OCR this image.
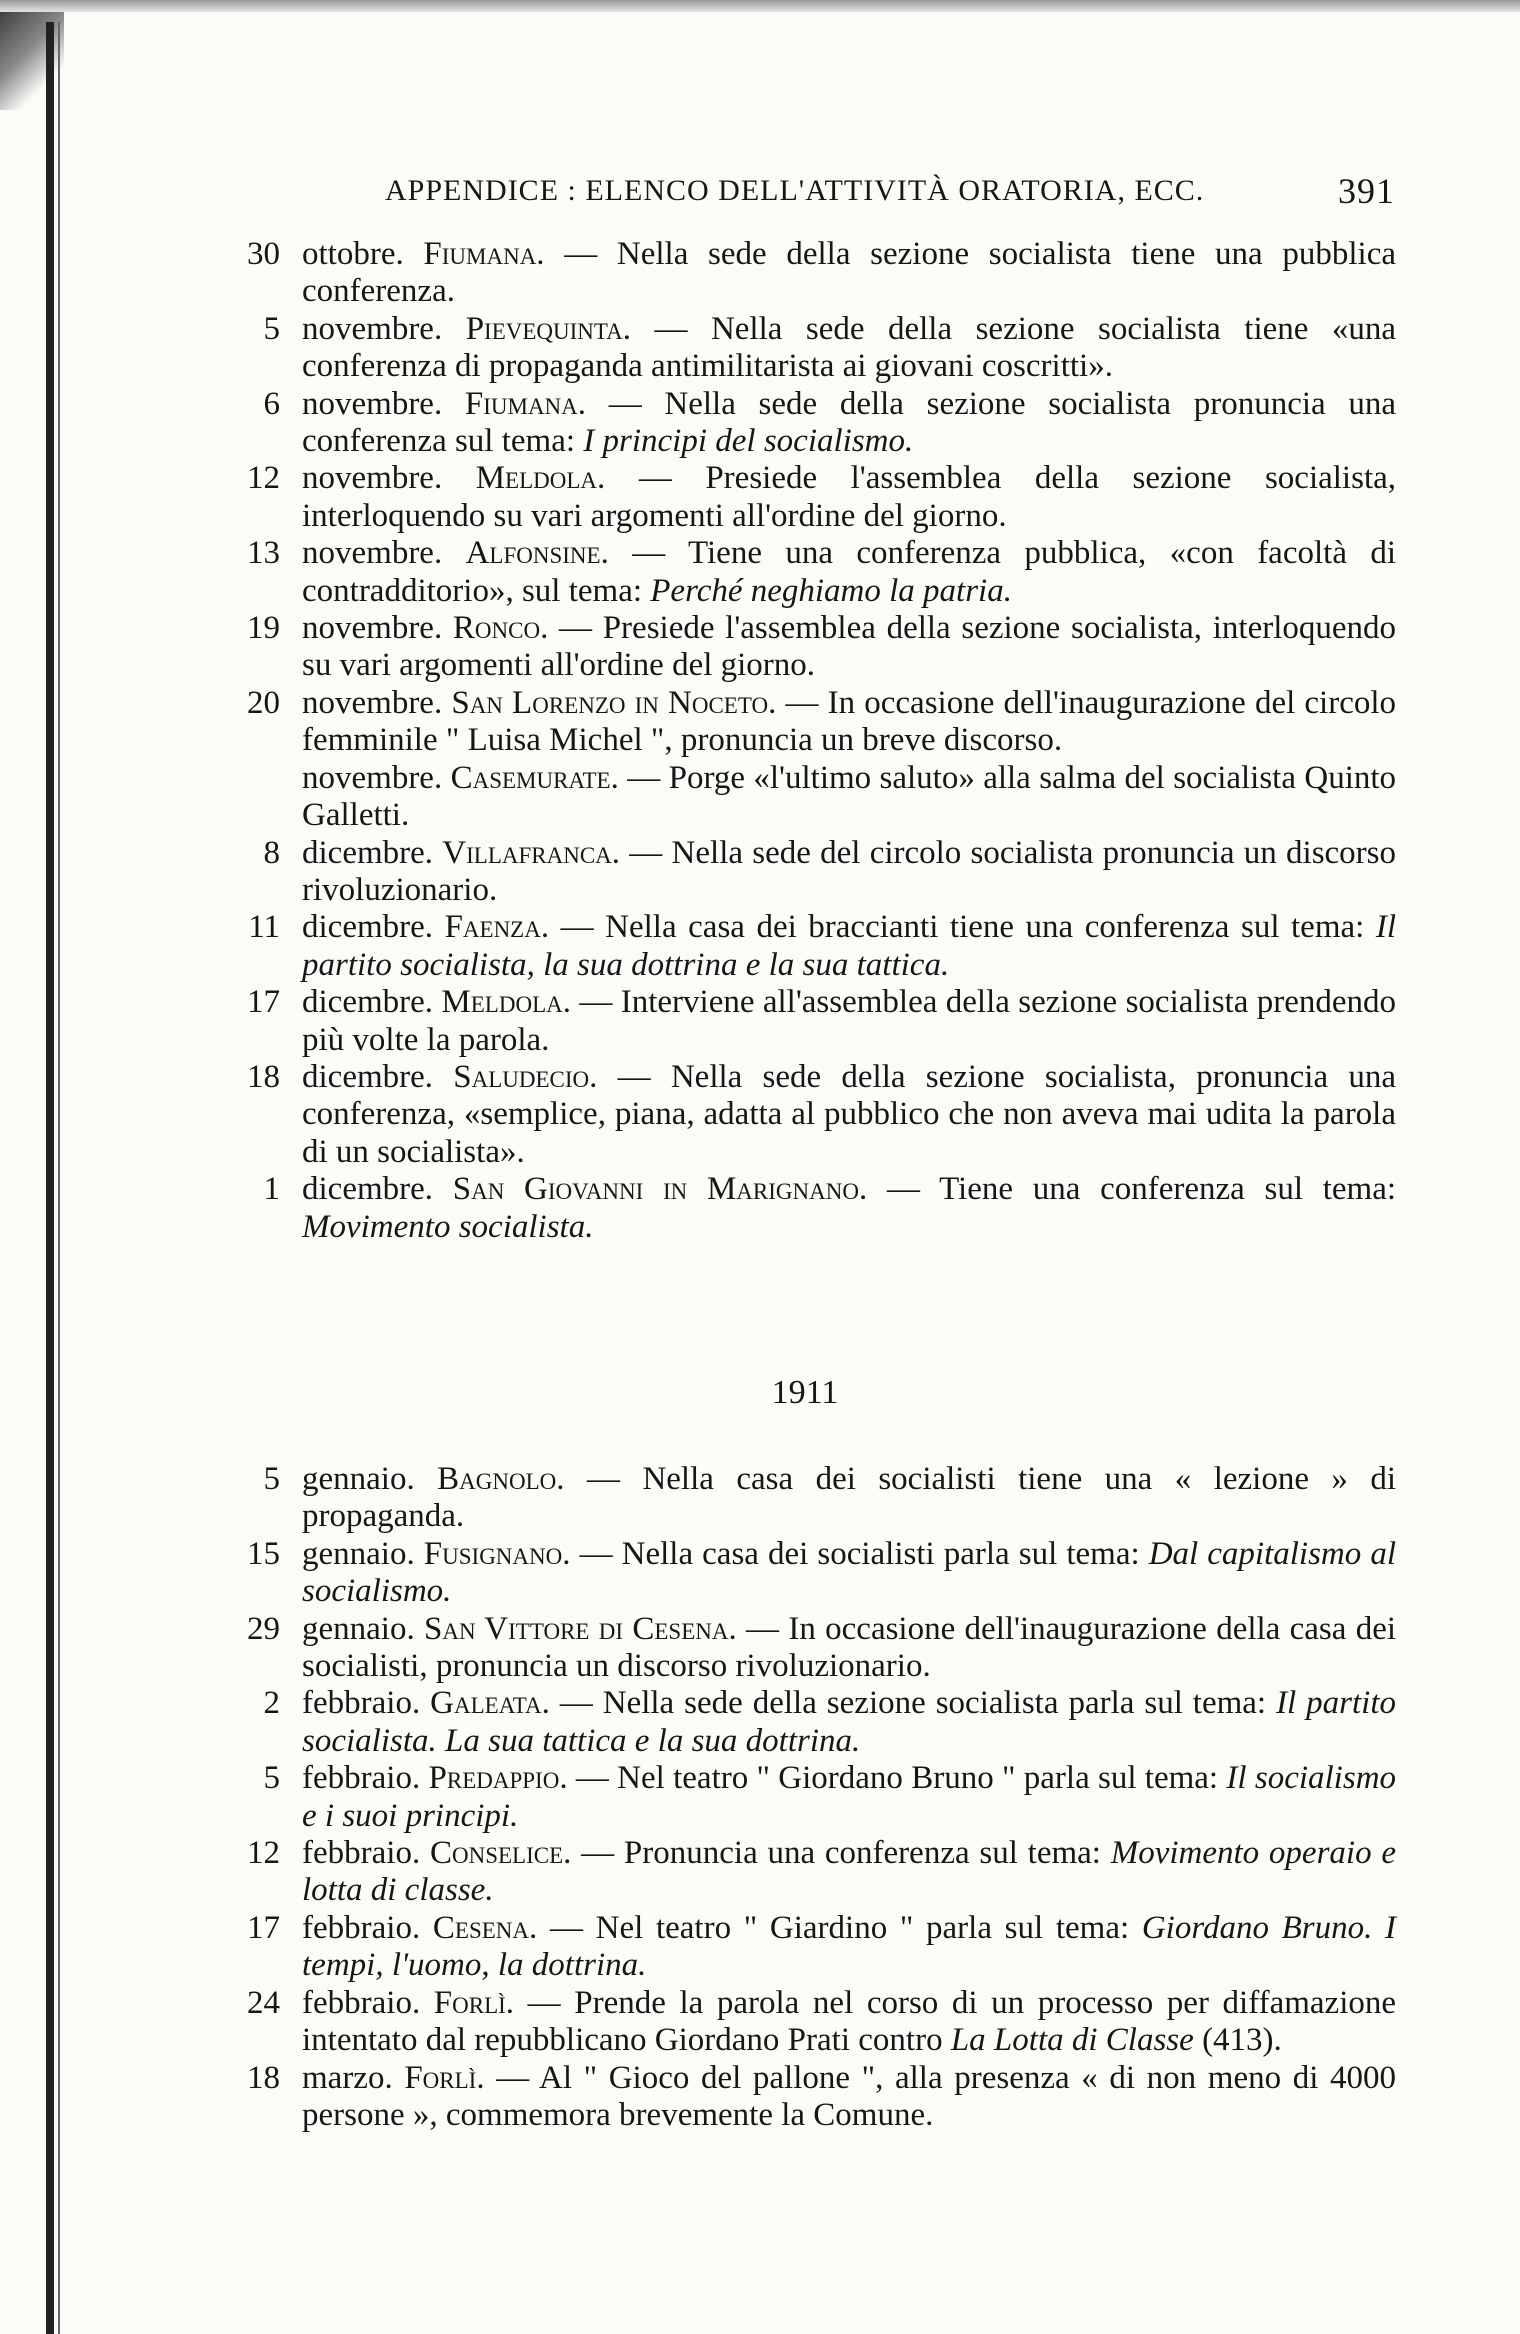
APPENDICE : ELENCO DELL'ATTIVITÀ ORATORIA, ECC.	391
30 ottobre. Fiumana. — Nella sede della sezione socialista tiene una pubblica conferenza.
5 novembre. Pievequinta. — Nella sede della sezione socialista tiene «una conferenza di propaganda antimilitarista ai giovani coscritti».
6 novembre. Fiumana. — Nella sede della sezione socialista pronuncia una conferenza sul tema: I principi del socialismo.
12 novembre. Meldola. — Presiede l'assemblea della sezione socialista, interloquendo su vari argomenti all'ordine del giorno.
13 novembre. Alfonsine. — Tiene una conferenza pubblica, «con facoltà di contradditorio», sul tema: Perché neghiamo la patria.
19 novembre. Ronco. — Presiede l'assemblea della sezione socialista, interloquendo su vari argomenti all'ordine del giorno.
20 novembre. San Lorenzo in Noceto. — In occasione dell'inaugurazione del circolo femminile " Luisa Michel ", pronuncia un breve discorso.
novembre. Casemurate. — Porge «l'ultimo saluto» alla salma del socialista Quinto Galletti.
8 dicembre. Villafranca. — Nella sede del circolo socialista pronuncia un discorso rivoluzionario.
11 dicembre. Faenza. — Nella casa dei braccianti tiene una conferenza sul tema: Il partito socialista, la sua dottrina e la sua tattica.
17 dicembre. Meldola. — Interviene all'assemblea della sezione socialista prendendo più volte la parola.
18 dicembre. Saludecio. — Nella sede della sezione socialista, pronuncia una conferenza, «semplice, piana, adatta al pubblico che non aveva mai udita la parola di un socialista».
1 dicembre. San Giovanni in Marignano. — Tiene una conferenza sul tema: Movimento socialista.
1911
5 gennaio. Bagnolo. — Nella casa dei socialisti tiene una « lezione » di propaganda.
15 gennaio. Fusignano. — Nella casa dei socialisti parla sul tema: Dal capitalismo al socialismo.
29 gennaio. San Vittore di Cesena. — In occasione dell'inaugurazione della casa dei socialisti, pronuncia un discorso rivoluzionario.
2 febbraio. Galeata. — Nella sede della sezione socialista parla sul tema: Il partito socialista. La sua tattica e la sua dottrina.
5 febbraio. Predappio. — Nel teatro " Giordano Bruno " parla sul tema: Il socialismo e i suoi principi.
12 febbraio. Conselice. — Pronuncia una conferenza sul tema: Movimento operaio e lotta di classe.
17 febbraio. Cesena. — Nel teatro " Giardino " parla sul tema: Giordano Bruno. I tempi, l'uomo, la dottrina.
24 febbraio. Forlì. — Prende la parola nel corso di un processo per diffamazione intentato dal repubblicano Giordano Prati contro La Lotta di Classe (413).
18 marzo. Forlì. — Al " Gioco del pallone ", alla presenza « di non meno di 4000 persone », commemora brevemente la Comune.
